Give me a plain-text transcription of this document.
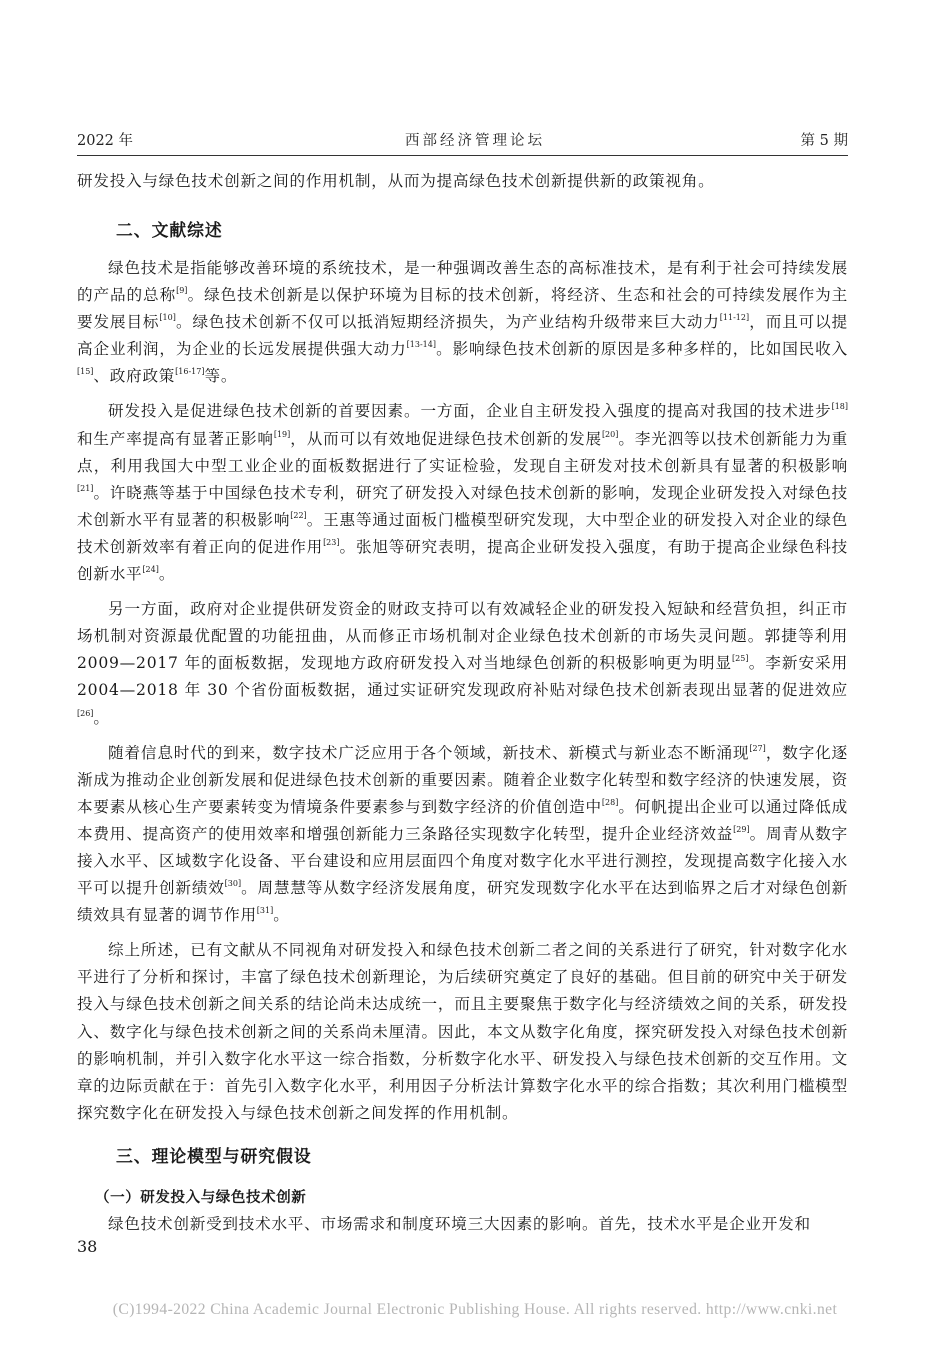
2022 年	西部经济管理论坛	第 5 期

研发投入与绿色技术创新之间的作用机制，从而为提高绿色技术创新提供新的政策视角。

二、文献综述

绿色技术是指能够改善环境的系统技术，是一种强调改善生态的高标准技术，是有利于社会可持续发展的产品的总称[9]。绿色技术创新是以保护环境为目标的技术创新，将经济、生态和社会的可持续发展作为主要发展目标[10]。绿色技术创新不仅可以抵消短期经济损失，为产业结构升级带来巨大动力[11-12]，而且可以提高企业利润，为企业的长远发展提供强大动力[13-14]。影响绿色技术创新的原因是多种多样的，比如国民收入[15]、政府政策[16-17]等。

研发投入是促进绿色技术创新的首要因素。一方面，企业自主研发投入强度的提高对我国的技术进步[18]和生产率提高有显著正影响[19]，从而可以有效地促进绿色技术创新的发展[20]。李光泗等以技术创新能力为重点，利用我国大中型工业企业的面板数据进行了实证检验，发现自主研发对技术创新具有显著的积极影响[21]。许晓燕等基于中国绿色技术专利，研究了研发投入对绿色技术创新的影响，发现企业研发投入对绿色技术创新水平有显著的积极影响[22]。王惠等通过面板门槛模型研究发现，大中型企业的研发投入对企业的绿色技术创新效率有着正向的促进作用[23]。张旭等研究表明，提高企业研发投入强度，有助于提高企业绿色科技创新水平[24]。

另一方面，政府对企业提供研发资金的财政支持可以有效减轻企业的研发投入短缺和经营负担，纠正市场机制对资源最优配置的功能扭曲，从而修正市场机制对企业绿色技术创新的市场失灵问题。郭捷等利用 2009—2017 年的面板数据，发现地方政府研发投入对当地绿色创新的积极影响更为明显[25]。李新安采用 2004—2018 年 30 个省份面板数据，通过实证研究发现政府补贴对绿色技术创新表现出显著的促进效应[26]。

随着信息时代的到来，数字技术广泛应用于各个领域，新技术、新模式与新业态不断涌现[27]，数字化逐渐成为推动企业创新发展和促进绿色技术创新的重要因素。随着企业数字化转型和数字经济的快速发展，资本要素从核心生产要素转变为情境条件要素参与到数字经济的价值创造中[28]。何帆提出企业可以通过降低成本费用、提高资产的使用效率和增强创新能力三条路径实现数字化转型，提升企业经济效益[29]。周青从数字接入水平、区域数字化设备、平台建设和应用层面四个角度对数字化水平进行测控，发现提高数字化接入水平可以提升创新绩效[30]。周慧慧等从数字经济发展角度，研究发现数字化水平在达到临界之后才对绿色创新绩效具有显著的调节作用[31]。

综上所述，已有文献从不同视角对研发投入和绿色技术创新二者之间的关系进行了研究，针对数字化水平进行了分析和探讨，丰富了绿色技术创新理论，为后续研究奠定了良好的基础。但目前的研究中关于研发投入与绿色技术创新之间关系的结论尚未达成统一，而且主要聚焦于数字化与经济绩效之间的关系，研发投入、数字化与绿色技术创新之间的关系尚未厘清。因此，本文从数字化角度，探究研发投入对绿色技术创新的影响机制，并引入数字化水平这一综合指数，分析数字化水平、研发投入与绿色技术创新的交互作用。文章的边际贡献在于：首先引入数字化水平，利用因子分析法计算数字化水平的综合指数；其次利用门槛模型探究数字化在研发投入与绿色技术创新之间发挥的作用机制。

三、理论模型与研究假设
（一）研发投入与绿色技术创新

绿色技术创新受到技术水平、市场需求和制度环境三大因素的影响。首先，技术水平是企业开发和

38
(C)1994-2022 China Academic Journal Electronic Publishing House. All rights reserved. http://www.cnki.net
